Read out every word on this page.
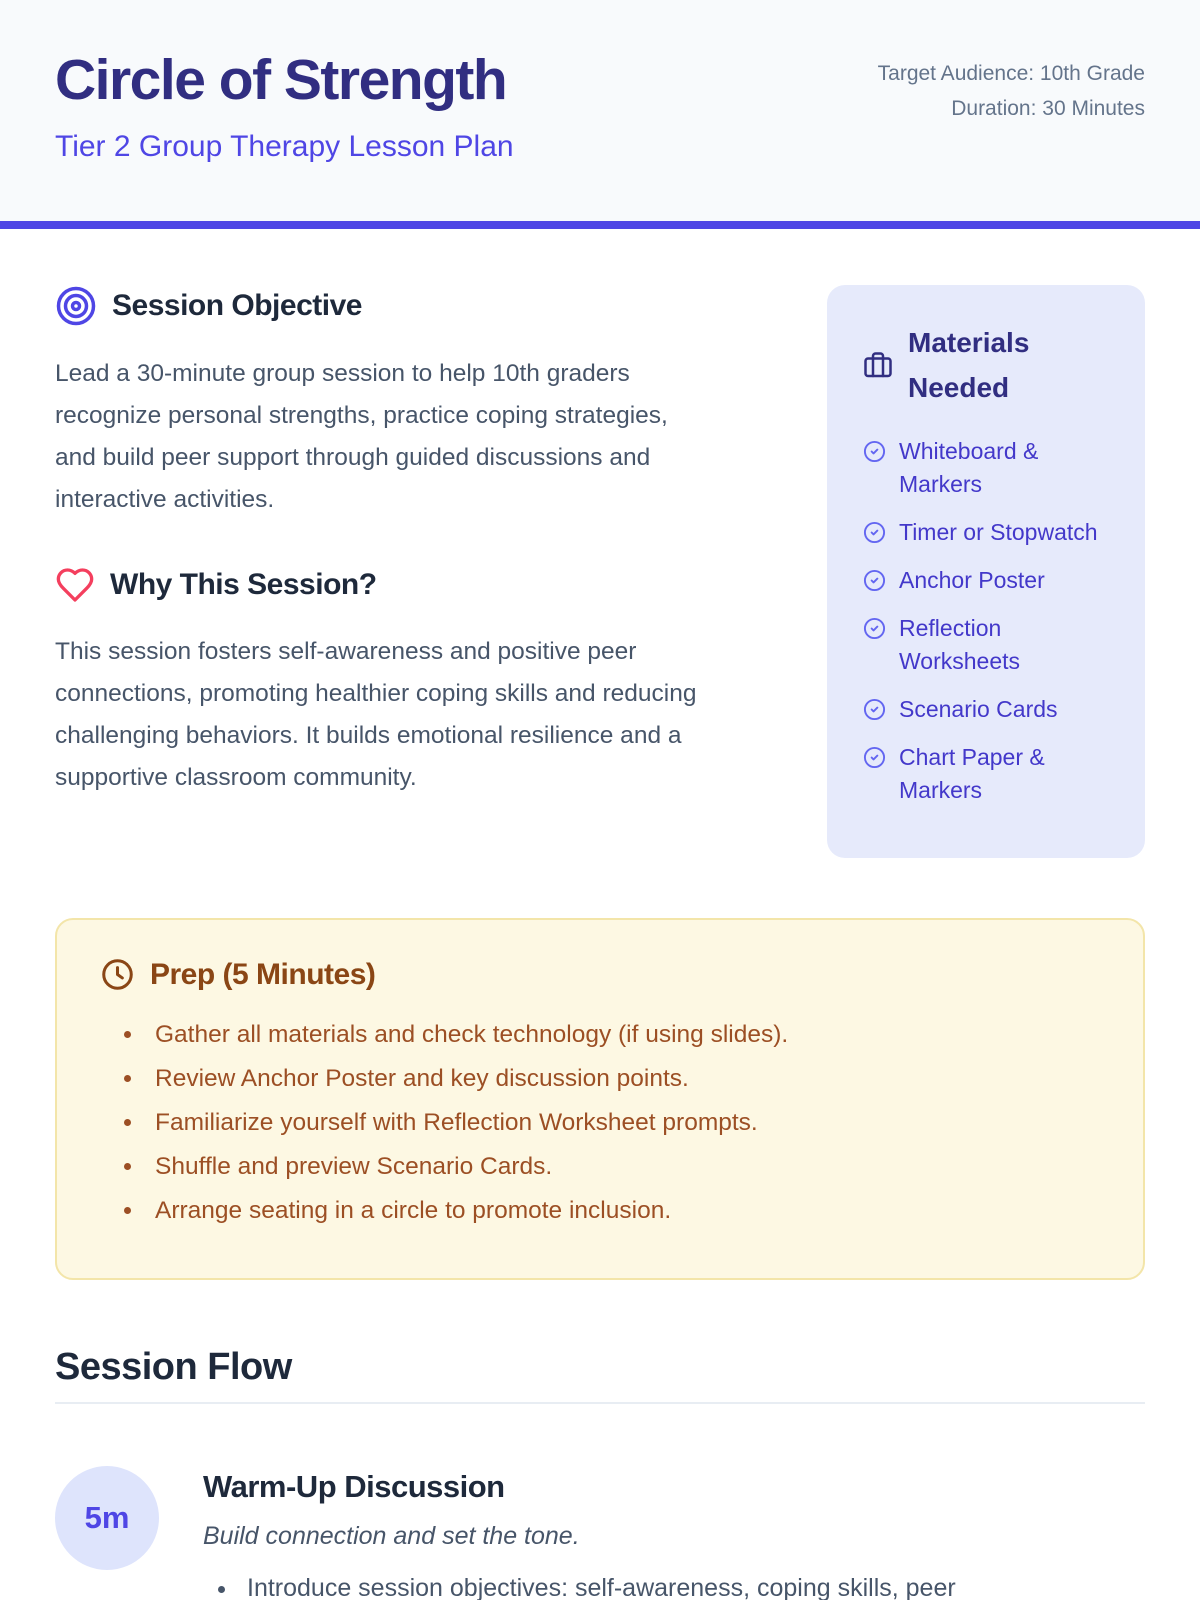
Circle of Strength
Tier 2 Group Therapy Lesson Plan
Target Audience: 10th Grade
Duration: 30 Minutes
Session Objective

Lead a 30-minute group session to help 10th graders recognize personal strengths, practice coping strategies, and build peer support through guided discussions and interactive activities.

Why This Session?

This session fosters self-awareness and positive peer connections, promoting healthier coping skills and reducing challenging behaviors. It builds emotional resilience and a supportive classroom community.

Materials Needed
Whiteboard & Markers
Timer or Stopwatch
Anchor Poster
Reflection Worksheets
Scenario Cards
Chart Paper & Markers
Prep (5 Minutes)
• Gather all materials and check technology (if using slides).
• Review Anchor Poster and key discussion points.
• Familiarize yourself with Reflection Worksheet prompts.
• Shuffle and preview Scenario Cards.
• Arrange seating in a circle to promote inclusion.
Session Flow
5m
Warm-Up Discussion
Build connection and set the tone.
• Introduce session objectives: self-awareness, coping skills, peer
